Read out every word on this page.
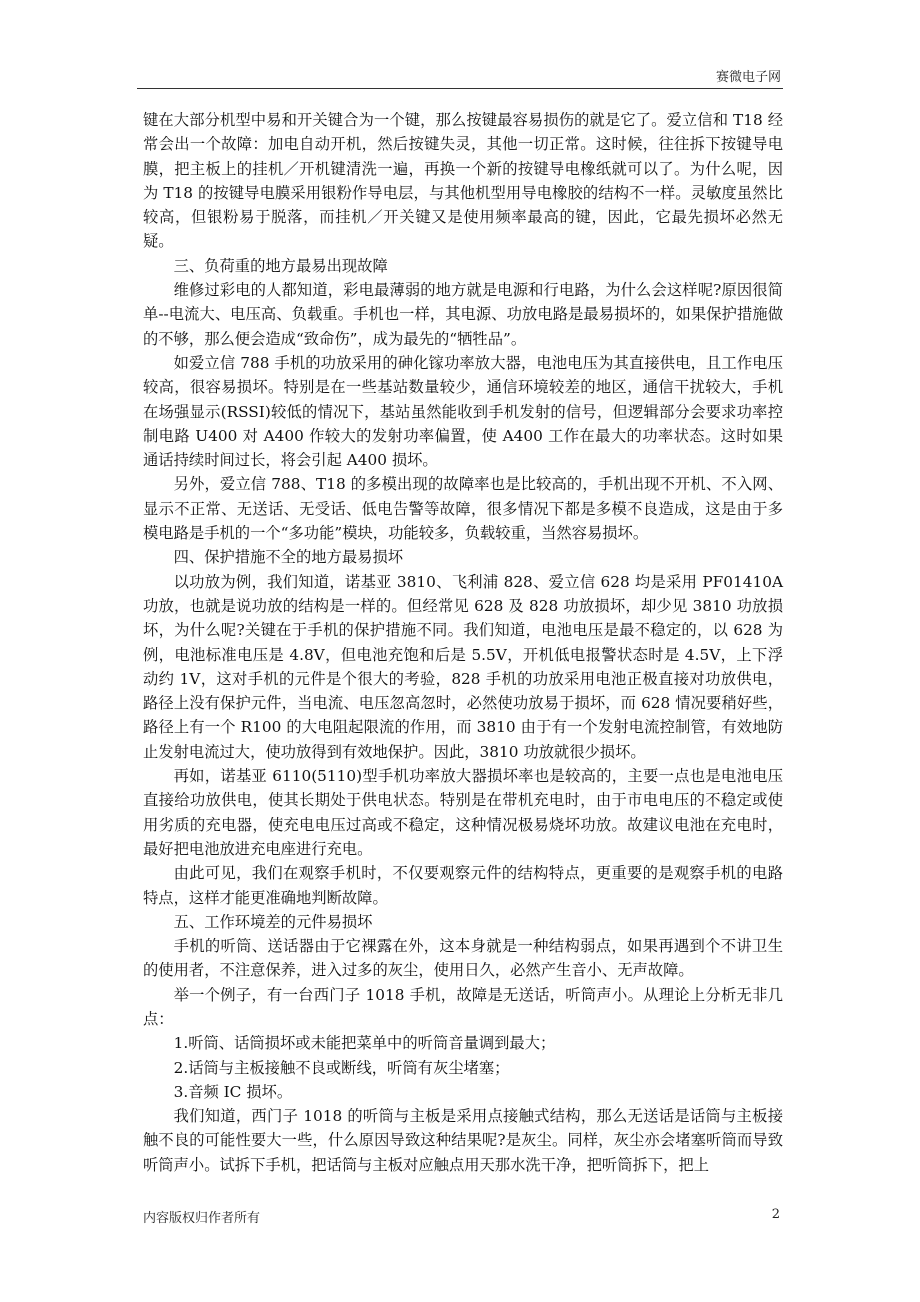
赛微电子网

键在大部分机型中易和开关键合为一个键，那么按键最容易损伤的就是它了。爱立信和 T18 经常会出一个故障：加电自动开机，然后按键失灵，其他一切正常。这时候，往往拆下按键导电膜，把主板上的挂机／开机键清洗一遍，再换一个新的按键导电橡纸就可以了。为什么呢，因为 T18 的按键导电膜采用银粉作导电层，与其他机型用导电橡胶的结构不一样。灵敏度虽然比较高，但银粉易于脱落，而挂机／开关键又是使用频率最高的键，因此，它最先损坏必然无疑。

三、负荷重的地方最易出现故障

维修过彩电的人都知道，彩电最薄弱的地方就是电源和行电路，为什么会这样呢?原因很简单--电流大、电压高、负载重。手机也一样，其电源、功放电路是最易损坏的，如果保护措施做的不够，那么便会造成“致命伤”，成为最先的“牺牲品”。

如爱立信 788 手机的功放采用的砷化镓功率放大器，电池电压为其直接供电，且工作电压较高，很容易损坏。特别是在一些基站数量较少，通信环境较差的地区，通信干扰较大，手机在场强显示(RSSI)较低的情况下，基站虽然能收到手机发射的信号，但逻辑部分会要求功率控制电路 U400 对 A400 作较大的发射功率偏置，使 A400 工作在最大的功率状态。这时如果通话持续时间过长，将会引起 A400 损坏。

另外，爱立信 788、T18 的多模出现的故障率也是比较高的，手机出现不开机、不入网、显示不正常、无送话、无受话、低电告警等故障，很多情况下都是多模不良造成，这是由于多模电路是手机的一个“多功能”模块，功能较多，负载较重，当然容易损坏。

四、保护措施不全的地方最易损坏

以功放为例，我们知道，诺基亚 3810、飞利浦 828、爱立信 628 均是采用 PF01410A 功放，也就是说功放的结构是一样的。但经常见 628 及 828 功放损坏，却少见 3810 功放损坏，为什么呢?关键在于手机的保护措施不同。我们知道，电池电压是最不稳定的，以 628 为例，电池标准电压是 4.8V，但电池充饱和后是 5.5V，开机低电报警状态时是 4.5V，上下浮动约 1V，这对手机的元件是个很大的考验，828 手机的功放采用电池正极直接对功放供电，路径上没有保护元件，当电流、电压忽高忽时，必然使功放易于损坏，而 628 情况要稍好些，路径上有一个 R100 的大电阻起限流的作用，而 3810 由于有一个发射电流控制管，有效地防止发射电流过大，使功放得到有效地保护。因此，3810 功放就很少损坏。

再如，诺基亚 6110(5110)型手机功率放大器损坏率也是较高的，主要一点也是电池电压直接给功放供电，使其长期处于供电状态。特别是在带机充电时，由于市电电压的不稳定或使用劣质的充电器，使充电电压过高或不稳定，这种情况极易烧坏功放。故建议电池在充电时，最好把电池放进充电座进行充电。

由此可见，我们在观察手机时，不仅要观察元件的结构特点，更重要的是观察手机的电路特点，这样才能更准确地判断故障。

五、工作环境差的元件易损坏

手机的听筒、送话器由于它裸露在外，这本身就是一种结构弱点，如果再遇到个不讲卫生的使用者，不注意保养，进入过多的灰尘，使用日久，必然产生音小、无声故障。

举一个例子，有一台西门子 1018 手机，故障是无送话，听筒声小。从理论上分析无非几点：

1.听筒、话筒损坏或未能把菜单中的听筒音量调到最大；

2.话筒与主板接触不良或断线，听筒有灰尘堵塞；

3.音频 IC 损坏。

我们知道，西门子 1018 的听筒与主板是采用点接触式结构，那么无送话是话筒与主板接触不良的可能性要大一些，什么原因导致这种结果呢?是灰尘。同样，灰尘亦会堵塞听筒而导致听筒声小。试拆下手机，把话筒与主板对应触点用天那水洗干净，把听筒拆下，把上

内容版权归作者所有	2
